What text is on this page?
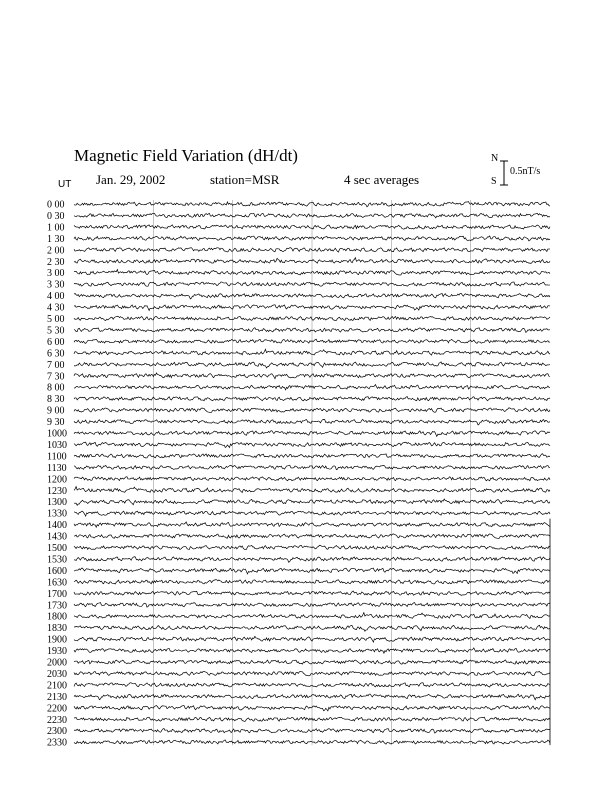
Magnetic Field Variation (dH/dt)
UT Jan. 29, 2002	station=MSR	4 sec averages
N
S
0.5nT/s
0 00
0 30
1 00
1 30
2 00
2 30
3 00
3 30
4 00
4 30
5 00
5 30
6 00
6 30
7 00
7 30
8 00
8 30
9 00
9 30
1000
1030
1100
1130
1200
1230
1300
1330
1400
1430
1500
1530
1600
1630
1700
1730
1800
1830
1900
1930
2000
2030
2100
2130
2200
2230
2300
2330
